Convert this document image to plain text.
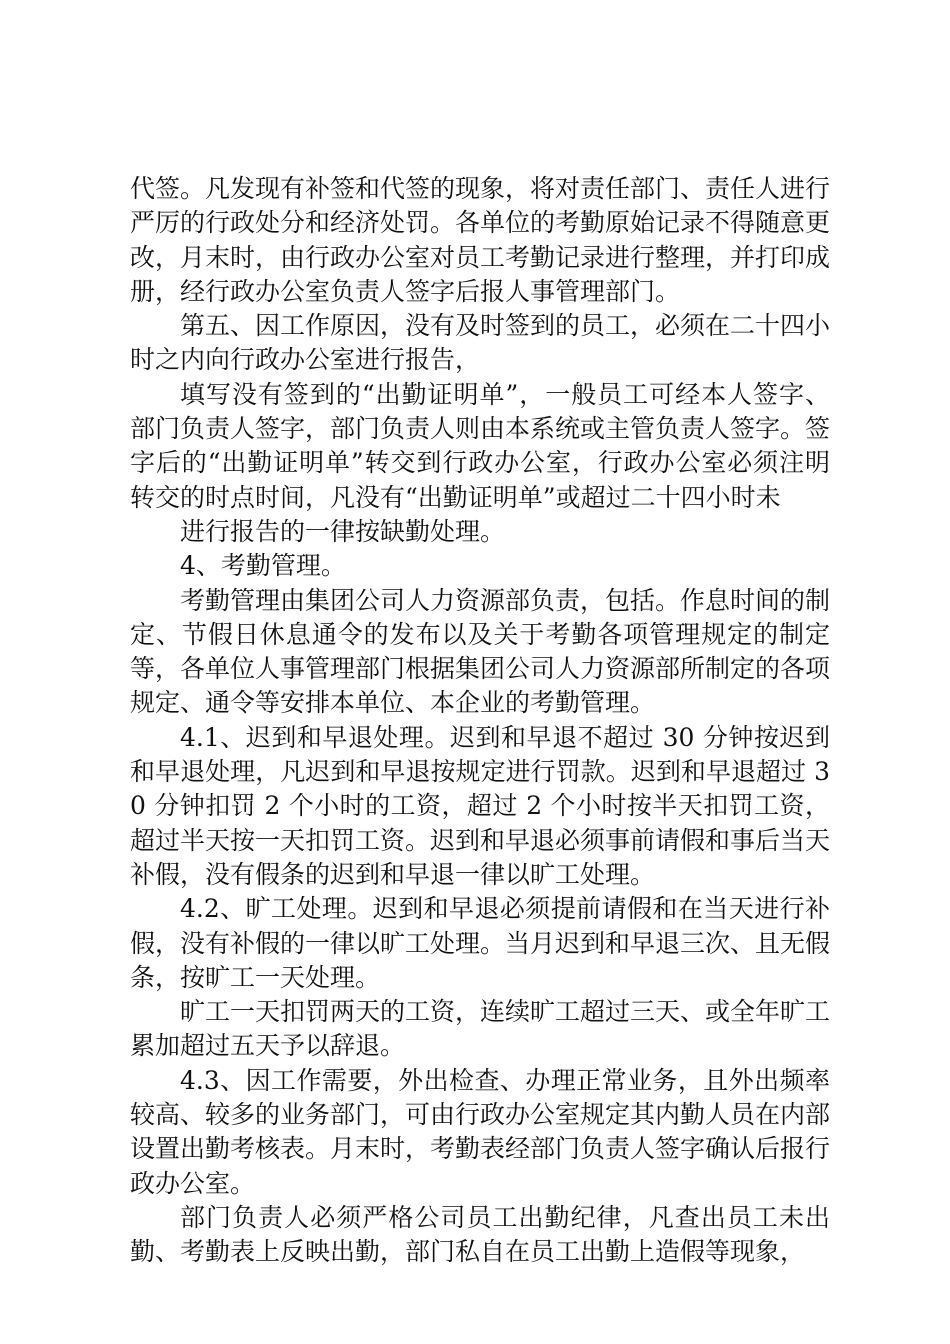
代签。凡发现有补签和代签的现象，将对责任部门、责任人进行严厉的行政处分和经济处罚。各单位的考勤原始记录不得随意更改，月末时，由行政办公室对员工考勤记录进行整理，并打印成册，经行政办公室负责人签字后报人事管理部门。

第五、因工作原因，没有及时签到的员工，必须在二十四小时之内向行政办公室进行报告，

填写没有签到的“出勤证明单”，一般员工可经本人签字、部门负责人签字，部门负责人则由本系统或主管负责人签字。签字后的“出勤证明单”转交到行政办公室，行政办公室必须注明转交的时点时间，凡没有“出勤证明单”或超过二十四小时未

进行报告的一律按缺勤处理。

4、考勤管理。

考勤管理由集团公司人力资源部负责，包括。作息时间的制定、节假日休息通令的发布以及关于考勤各项管理规定的制定等，各单位人事管理部门根据集团公司人力资源部所制定的各项规定、通令等安排本单位、本企业的考勤管理。

4.1、迟到和早退处理。迟到和早退不超过 30 分钟按迟到和早退处理，凡迟到和早退按规定进行罚款。迟到和早退超过 30 分钟扣罚 2 个小时的工资，超过 2 个小时按半天扣罚工资，超过半天按一天扣罚工资。迟到和早退必须事前请假和事后当天补假，没有假条的迟到和早退一律以旷工处理。

4.2、旷工处理。迟到和早退必须提前请假和在当天进行补假，没有补假的一律以旷工处理。当月迟到和早退三次、且无假条，按旷工一天处理。

旷工一天扣罚两天的工资，连续旷工超过三天、或全年旷工累加超过五天予以辞退。

4.3、因工作需要，外出检查、办理正常业务，且外出频率较高、较多的业务部门，可由行政办公室规定其内勤人员在内部设置出勤考核表。月末时，考勤表经部门负责人签字确认后报行政办公室。

部门负责人必须严格公司员工出勤纪律，凡查出员工未出勤、考勤表上反映出勤，部门私自在员工出勤上造假等现象，
